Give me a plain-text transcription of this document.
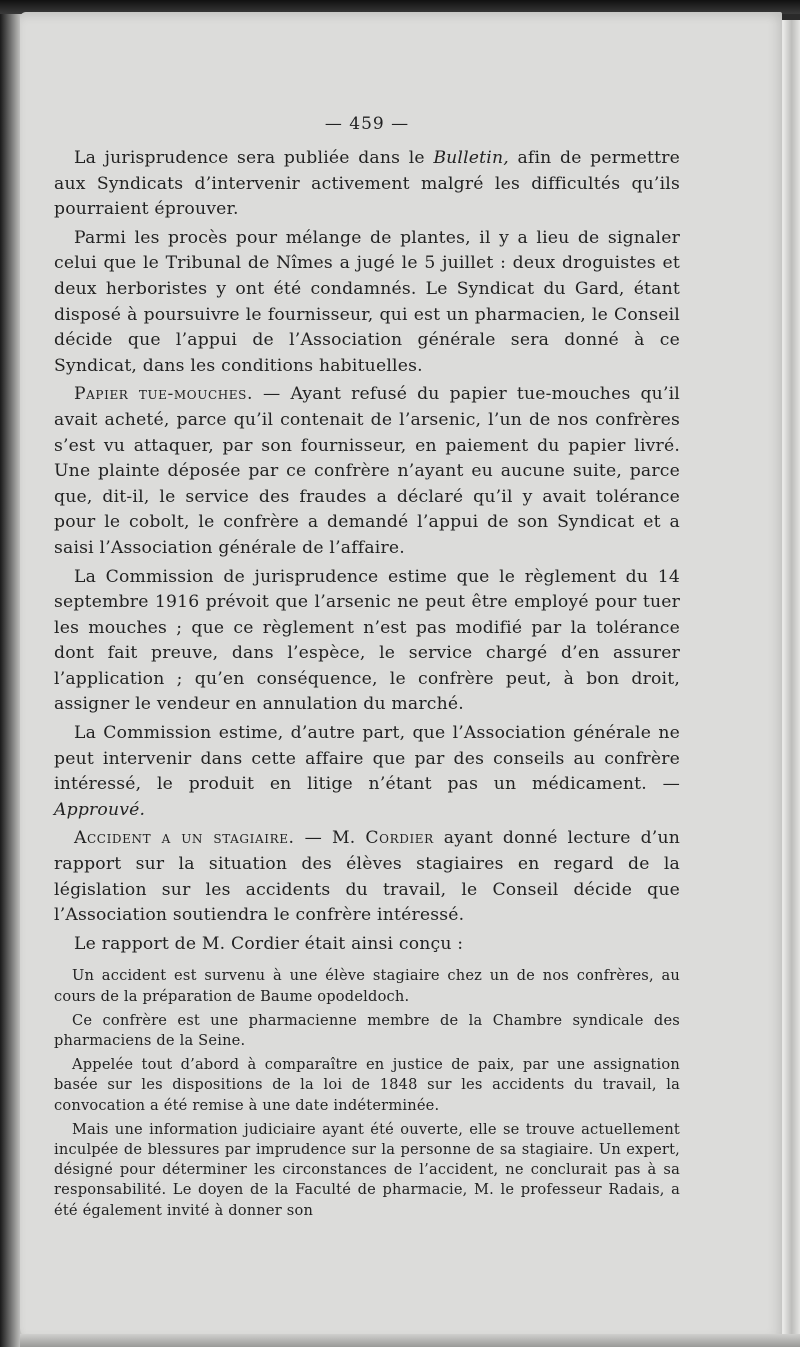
— 459 —

La jurisprudence sera publiée dans le Bulletin, afin de permettre aux Syndicats d’intervenir activement malgré les difficultés qu’ils pourraient éprouver.

Parmi les procès pour mélange de plantes, il y a lieu de signaler celui que le Tribunal de Nîmes a jugé le 5 juillet : deux droguistes et deux herboristes y ont été condamnés. Le Syndicat du Gard, étant disposé à poursuivre le fournisseur, qui est un pharmacien, le Conseil décide que l’appui de l’Association générale sera donné à ce Syndicat, dans les conditions habituelles.

Papier tue-mouches. — Ayant refusé du papier tue-mouches qu’il avait acheté, parce qu’il contenait de l’arsenic, l’un de nos confrères s’est vu attaquer, par son fournisseur, en paiement du papier livré. Une plainte déposée par ce confrère n’ayant eu aucune suite, parce que, dit-il, le service des fraudes a déclaré qu’il y avait tolérance pour le cobolt, le confrère a demandé l’appui de son Syndicat et a saisi l’Association générale de l’affaire.

La Commission de jurisprudence estime que le règlement du 14 septembre 1916 prévoit que l’arsenic ne peut être employé pour tuer les mouches ; que ce règlement n’est pas modifié par la tolérance dont fait preuve, dans l’espèce, le service chargé d’en assurer l’application ; qu’en conséquence, le confrère peut, à bon droit, assigner le vendeur en annulation du marché.

La Commission estime, d’autre part, que l’Association générale ne peut intervenir dans cette affaire que par des conseils au confrère intéressé, le produit en litige n’étant pas un médicament. — Approuvé.

Accident a un stagiaire. — M. Cordier ayant donné lecture d’un rapport sur la situation des élèves stagiaires en regard de la législation sur les accidents du travail, le Conseil décide que l’Association soutiendra le confrère intéressé.

Le rapport de M. Cordier était ainsi conçu :

Un accident est survenu à une élève stagiaire chez un de nos confrères, au cours de la préparation de Baume opodeldoch.

Ce confrère est une pharmacienne membre de la Chambre syndicale des pharmaciens de la Seine.

Appelée tout d’abord à comparaître en justice de paix, par une assignation basée sur les dispositions de la loi de 1848 sur les accidents du travail, la convocation a été remise à une date indéterminée.

Mais une information judiciaire ayant été ouverte, elle se trouve actuellement inculpée de blessures par imprudence sur la personne de sa stagiaire. Un expert, désigné pour déterminer les circonstances de l’accident, ne conclurait pas à sa responsabilité. Le doyen de la Faculté de pharmacie, M. le professeur Radais, a été également invité à donner son
